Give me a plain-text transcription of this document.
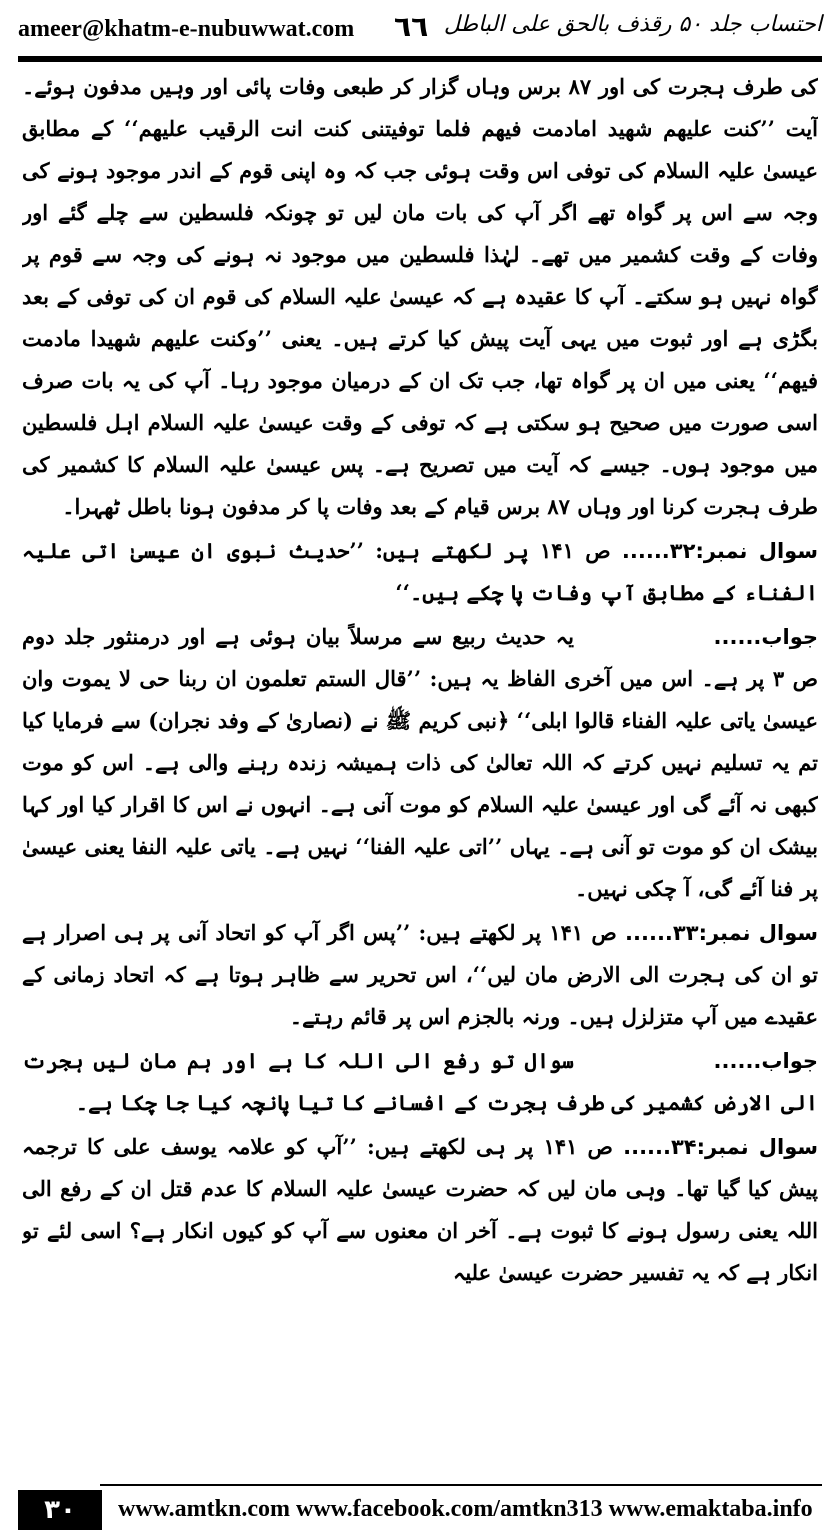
ameer@khatm-e-nubuwwat.com ٦٦ احتساب جلد ۵۰ رقذف بالحق علی الباطل

کی طرف ہجرت کی اور ۸۷ برس وہاں گزار کر طبعی وفات پائی اور وہیں مدفون ہوئے۔ آیت ’’کنت علیھم شھید امادمت فیھم فلما توفیتنی کنت انت الرقیب علیھم‘‘ کے مطابق عیسیٰ علیہ السلام کی توفی اس وقت ہوئی جب کہ وہ اپنی قوم کے اندر موجود ہونے کی وجہ سے اس پر گواہ تھے اگر آپ کی بات مان لیں تو چونکہ فلسطین سے چلے گئے اور وفات کے وقت کشمیر میں تھے۔ لہٰذا فلسطین میں موجود نہ ہونے کی وجہ سے قوم پر گواہ نہیں ہو سکتے۔ آپ کا عقیدہ ہے کہ عیسیٰ علیہ السلام کی قوم ان کی توفی کے بعد بگڑی ہے اور ثبوت میں یہی آیت پیش کیا کرتے ہیں۔ یعنی ’’وکنت علیھم شھیدا مادمت فیھم‘‘ یعنی میں ان پر گواہ تھا، جب تک ان کے درمیان موجود رہا۔ آپ کی یہ بات صرف اسی صورت میں صحیح ہو سکتی ہے کہ توفی کے وقت عیسیٰ علیہ السلام اہل فلسطین میں موجود ہوں۔ جیسے کہ آیت میں تصریح ہے۔ پس عیسیٰ علیہ السلام کا کشمیر کی طرف ہجرت کرنا اور وہاں ۸۷ برس قیام کے بعد وفات پا کر مدفون ہونا باطل ٹھہرا۔

سوال نمبر:۳۲...... ص ۱۴۱ پر لکھتے ہیں: ’’حدیث نبوی ان عیسیٰ اتی علیہ الفناء کے مطابق آپ وفات پا چکے ہیں۔‘‘

جواب......  یہ حدیث ربیع سے مرسلاً بیان ہوئی ہے اور درمنثور جلد دوم ص ۳ پر ہے۔ اس میں آخری الفاظ یہ ہیں: ’’قال الستم تعلمون ان ربنا حی لا یموت وان عیسیٰ یاتی علیہ الفناء قالوا ابلی‘‘ ﴿نبی کریم ﷺ نے (نصاریٰ کے وفد نجران) سے فرمایا کیا تم یہ تسلیم نہیں کرتے کہ اللہ تعالیٰ کی ذات ہمیشہ زندہ رہنے والی ہے۔ اس کو موت کبھی نہ آئے گی اور عیسیٰ علیہ السلام کو موت آنی ہے۔ انہوں نے اس کا اقرار کیا اور کہا بیشک ان کو موت تو آنی ہے۔ یہاں ’’اتی علیہ الفنا‘‘ نہیں ہے۔ یاتی علیہ النفا یعنی عیسیٰ پر فنا آئے گی، آ چکی نہیں۔

سوال نمبر:۳۳...... ص ۱۴۱ پر لکھتے ہیں: ’’پس اگر آپ کو اتحاد آنی پر ہی اصرار ہے تو ان کی ہجرت الی الارض مان لیں‘‘، اس تحریر سے ظاہر ہوتا ہے کہ اتحاد زمانی کے عقیدے میں آپ متزلزل ہیں۔ ورنہ بالجزم اس پر قائم رہتے۔

جواب......  سوال تو رفع الی اللہ کا ہے اور ہم مان لیں ہجرت الی الارض کشمیر کی طرف ہجرت کے افسانے کا تیا پانچہ کیا جا چکا ہے۔

سوال نمبر:۳۴...... ص ۱۴۱ پر ہی لکھتے ہیں: ’’آپ کو علامہ یوسف علی کا ترجمہ پیش کیا گیا تھا۔ وہی مان لیں کہ حضرت عیسیٰ علیہ السلام کا عدم قتل ان کے رفع الی اللہ یعنی رسول ہونے کا ثبوت ہے۔ آخر ان معنوں سے آپ کو کیوں انکار ہے؟ اسی لئے تو انکار ہے کہ یہ تفسیر حضرت عیسیٰ علیہ

۳۰	www.amtkn.com www.facebook.com/amtkn313 www.emaktaba.info
